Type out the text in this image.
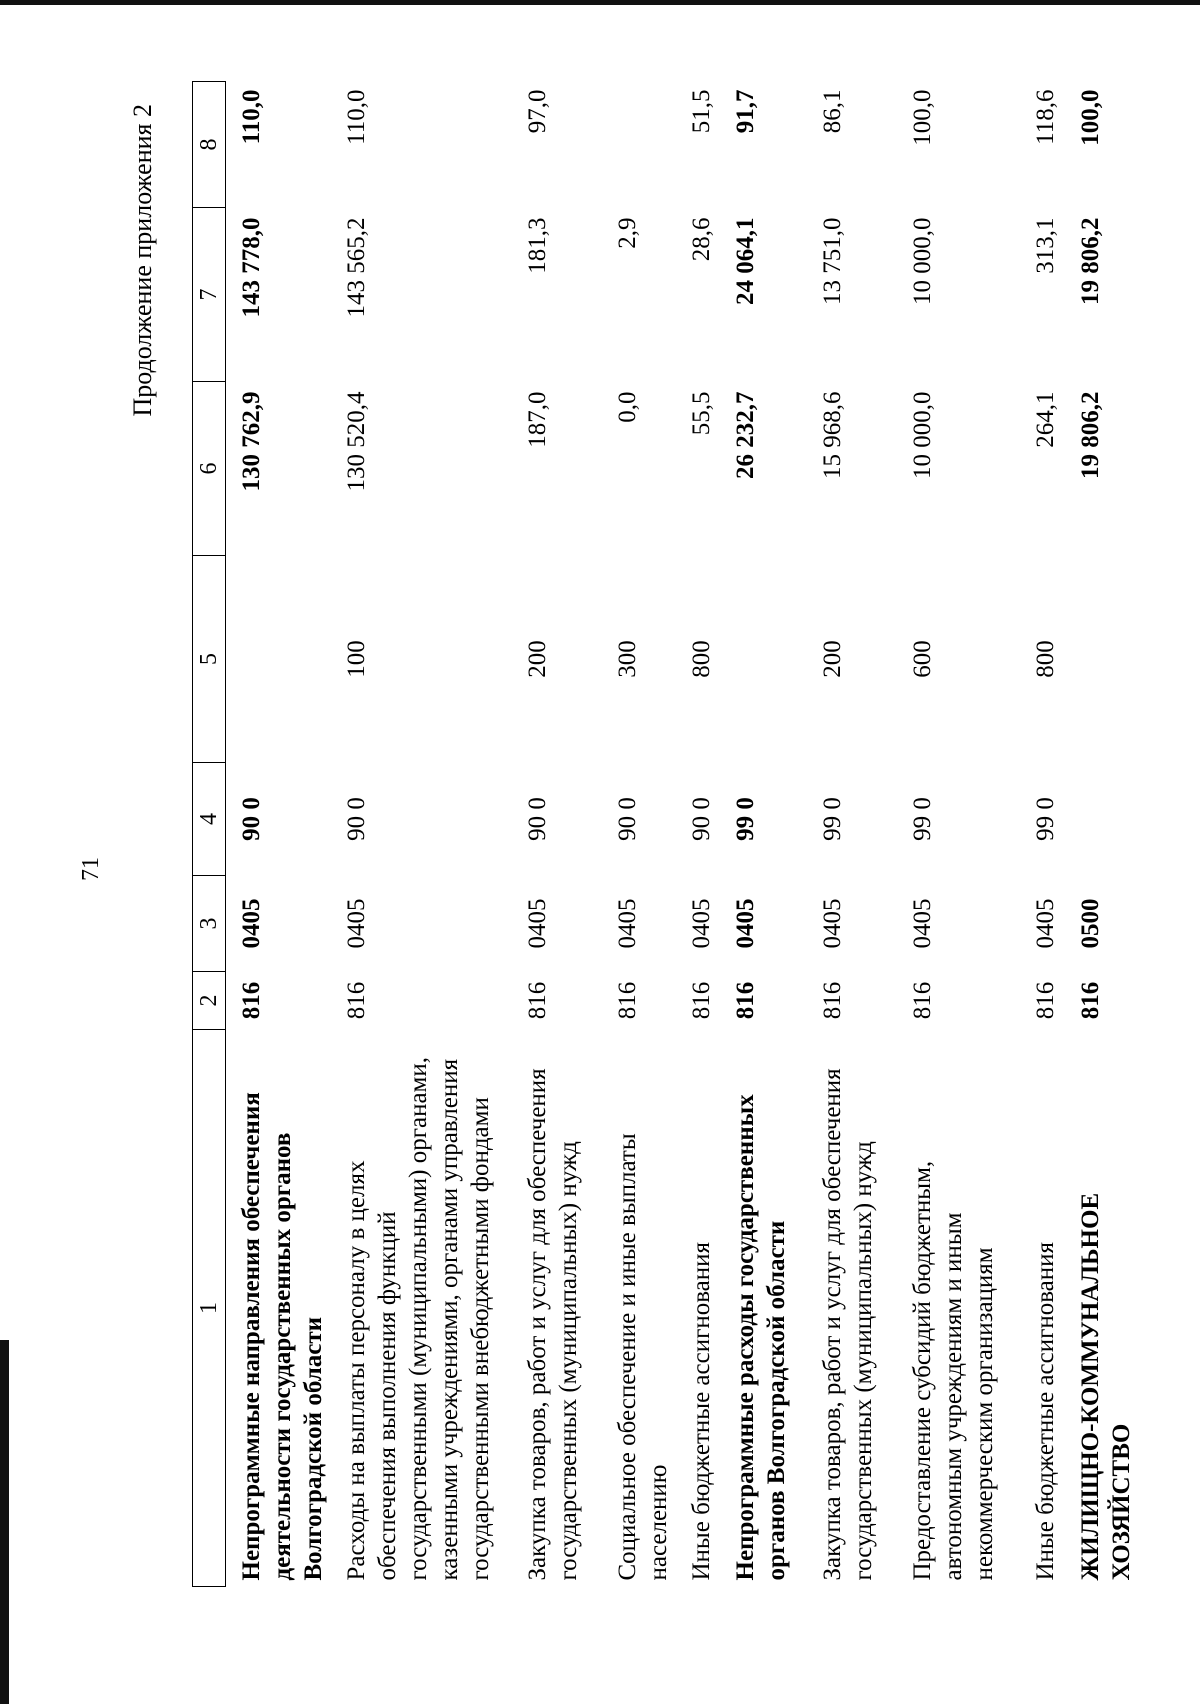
71
Продолжение приложения 2
1	2	3	4	5	6	7	8
Непрограммные направления обеспечения деятельности государственных органов Волгоградской области	816	0405	90 0		130 762,9	143 778,0	110,0
Расходы на выплаты персоналу в целях обеспечения выполнения функций государственными (муниципальными) органами, казенными учреждениями, органами управления государственными внебюджетными фондами	816	0405	90 0	100	130 520,4	143 565,2	110,0
Закупка товаров, работ и услуг для обеспечения государственных (муниципальных) нужд	816	0405	90 0	200	187,0	181,3	97,0
Социальное обеспечение и иные выплаты населению	816	0405	90 0	300	0,0	2,9	
Иные бюджетные ассигнования	816	0405	90 0	800	55,5	28,6	51,5
Непрограммные расходы государственных органов Волгоградской области	816	0405	99 0		26 232,7	24 064,1	91,7
Закупка товаров, работ и услуг для обеспечения государственных (муниципальных) нужд	816	0405	99 0	200	15 968,6	13 751,0	86,1
Предоставление субсидий бюджетным, автономным учреждениям и иным некоммерческим организациям	816	0405	99 0	600	10 000,0	10 000,0	100,0
Иные бюджетные ассигнования	816	0405	99 0	800	264,1	313,1	118,6
ЖИЛИЩНО-КОММУНАЛЬНОЕ ХОЗЯЙСТВО	816	0500			19 806,2	19 806,2	100,0
